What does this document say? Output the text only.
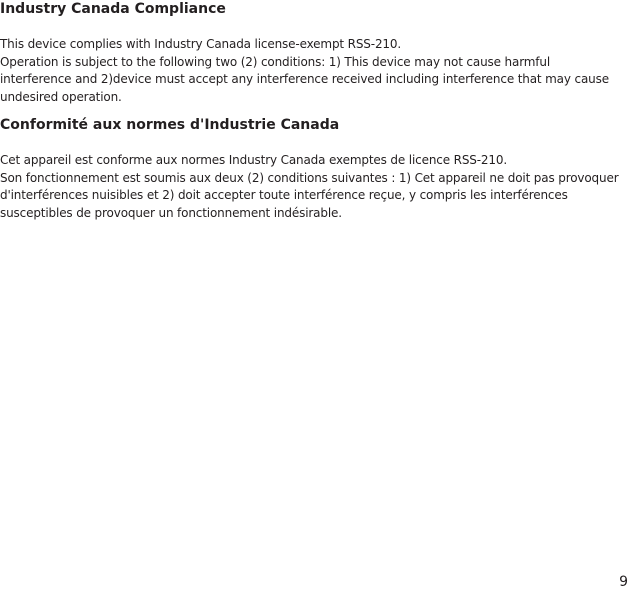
Industry Canada Compliance

This device complies with Industry Canada license-exempt RSS-210.
Operation is subject to the following two (2) conditions: 1) This device may not cause harmful
interference and 2)device must accept any interference received including interference that may cause
undesired operation.

Conformité aux normes d'Industrie Canada

Cet appareil est conforme aux normes Industry Canada exemptes de licence RSS-210.
Son fonctionnement est soumis aux deux (2) conditions suivantes : 1) Cet appareil ne doit pas provoquer
d'interférences nuisibles et 2) doit accepter toute interférence reçue, y compris les interférences
susceptibles de provoquer un fonctionnement indésirable.

9
